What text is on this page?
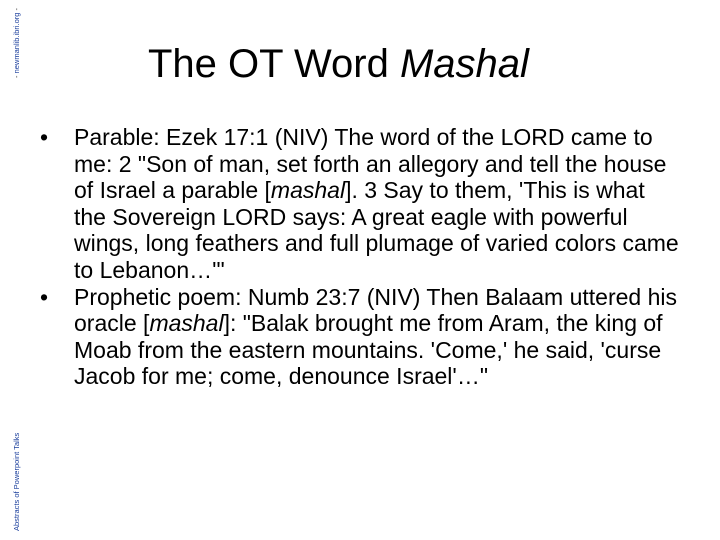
- newmanlib.ibri.org -
Abstracts of Powerpoint Talks
The OT Word Mashal
• Parable: Ezek 17:1 (NIV) The word of the LORD came to me: 2 "Son of man, set forth an allegory and tell the house of Israel a parable [mashal]. 3 Say to them, 'This is what the Sovereign LORD says: A great eagle with powerful wings, long feathers and full plumage of varied colors came to Lebanon…'"
• Prophetic poem: Numb 23:7 (NIV) Then Balaam uttered his oracle [mashal]: "Balak brought me from Aram, the king of Moab from the eastern mountains. 'Come,' he said, 'curse Jacob for me; come, denounce Israel'…"
